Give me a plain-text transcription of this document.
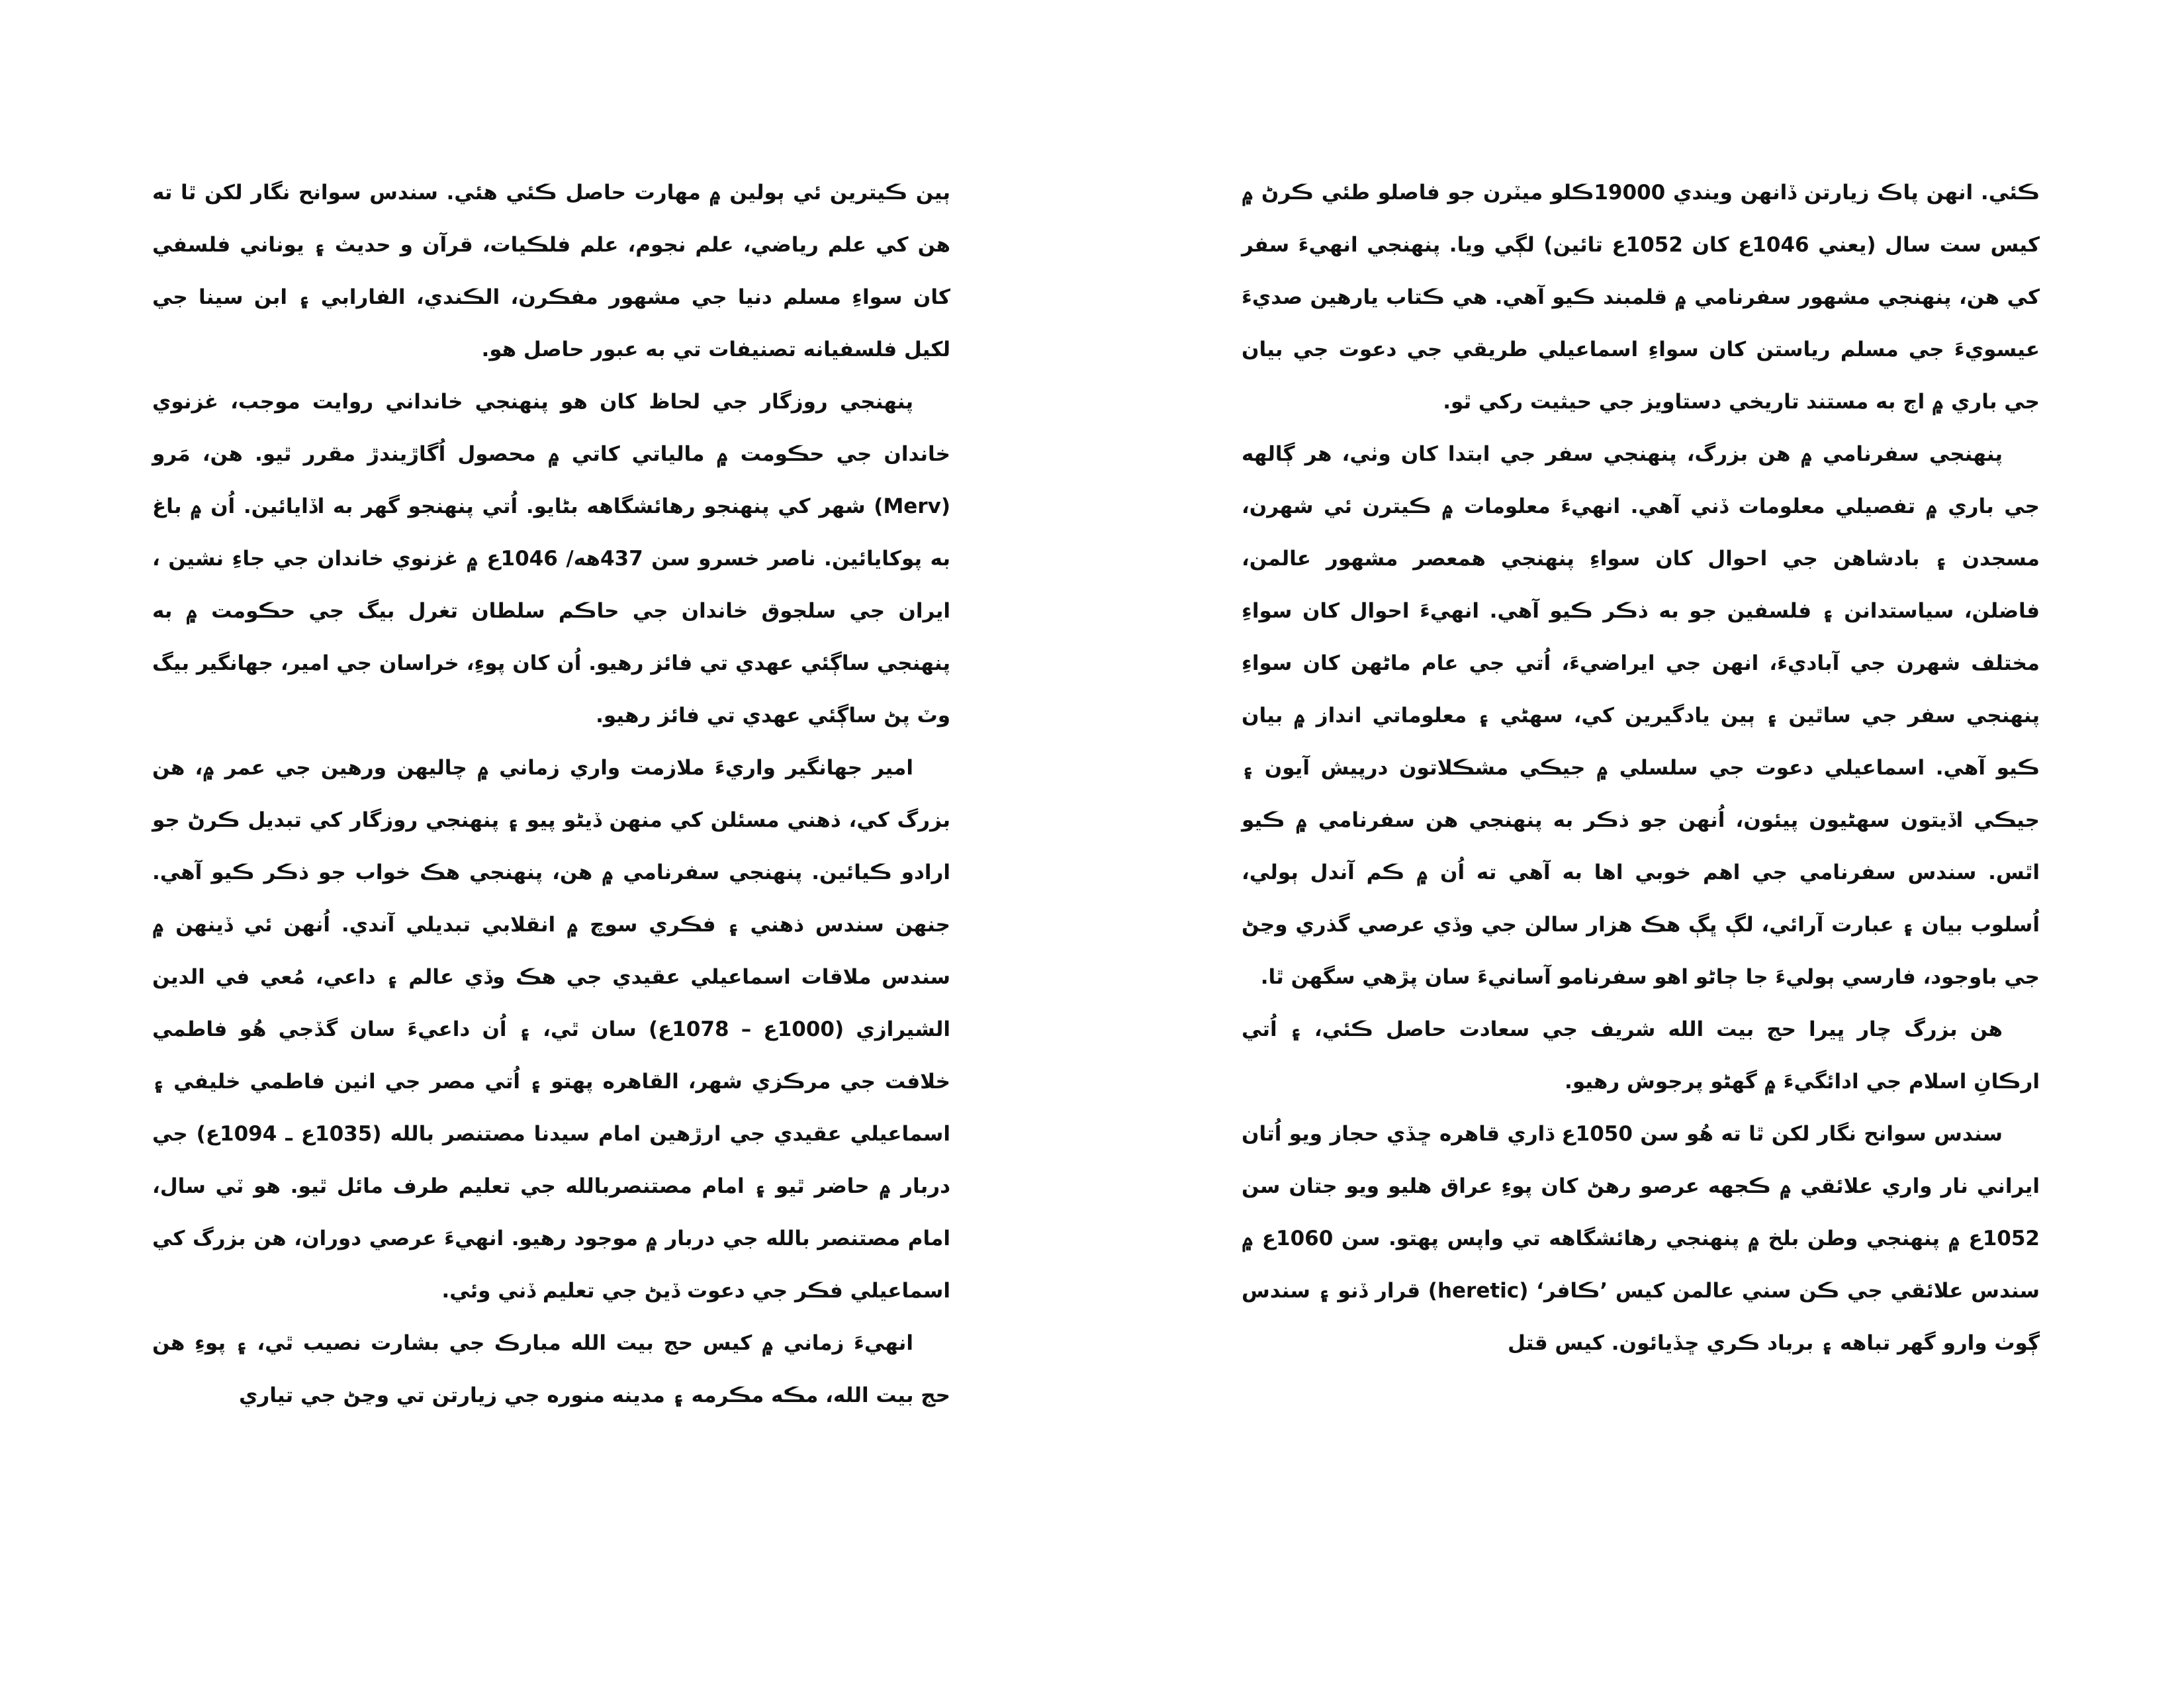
ٻين ڪيترين ئي ٻولين ۾ مهارت حاصل ڪئي هئي. سندس سوانح نگار لکن ٿا ته هن کي علم رياضي، علم نجوم، علم فلڪيات، قرآن و حديث ۽ يوناني فلسفي کان سواءِ مسلم دنيا جي مشهور مفڪرن، الڪندي، الفارابي ۽ ابن سينا جي لکيل فلسفيانه تصنيفات تي به عبور حاصل هو.

پنهنجي روزگار جي لحاظ کان هو پنهنجي خانداني روايت موجب، غزنوي خاندان جي حڪومت ۾ مالياتي کاتي ۾ محصول اُگاڙيندڙ مقرر ٿيو. هن، مَرو (Merv) شهر کي پنهنجو رهائشگاهه بڻايو. اُتي پنهنجو گهر به اڏايائين. اُن ۾ باغ به پوکايائين. ناصر خسرو سن 437هه/ 1046ع ۾ غزنوي خاندان جي جاءِ نشين ، ايران جي سلجوق خاندان جي حاڪم سلطان تغرل بيگ جي حڪومت ۾ به پنهنجي ساڳئي عهدي تي فائز رهيو. اُن کان پوءِ، خراسان جي امير، جهانگير بيگ وٽ پڻ ساڳئي عهدي تي فائز رهيو.

امير جهانگير واريءَ ملازمت واري زماني ۾ چاليهن ورهين جي عمر ۾، هن بزرگ کي، ذهني مسئلن کي منهن ڏيڻو پيو ۽ پنهنجي روزگار کي تبديل ڪرڻ جو ارادو ڪيائين. پنهنجي سفرنامي ۾ هن، پنهنجي هڪ خواب جو ذڪر ڪيو آهي. جنهن سندس ذهني ۽ فڪري سوچ ۾ انقلابي تبديلي آندي. اُنهن ئي ڏينهن ۾ سندس ملاقات اسماعيلي عقيدي جي هڪ وڏي عالم ۽ داعي، مُعي في الدين الشيرازي (1000ع – 1078ع) سان ٿي، ۽ اُن داعيءَ سان گڏجي هُو فاطمي خلافت جي مرڪزي شهر، القاهره پهتو ۽ اُتي مصر جي اٺين فاطمي خليفي ۽ اسماعيلي عقيدي جي ارڙهين امام سيدنا مصتنصر بالله (1035ع ـ 1094ع) جي دربار ۾ حاضر ٿيو ۽ امام مصتنصربالله جي تعليم طرف مائل ٿيو. هو ٽي سال، امام مصتنصر بالله جي دربار ۾ موجود رهيو. انهيءَ عرصي دوران، هن بزرگ کي اسماعيلي فڪر جي دعوت ڏيڻ جي تعليم ڏني وئي.

انهيءَ زماني ۾ کيس حج بيت الله مبارڪ جي بشارت نصيب ٿي، ۽ پوءِ هن حج بيت الله، مڪه مڪرمه ۽ مدينه منوره جي زيارتن تي وڃڻ جي تياري

ڪئي. انهن پاڪ زيارتن ڏانهن ويندي 19000ڪلو ميٽرن جو فاصلو طئي ڪرڻ ۾ کيس ست سال (يعني 1046ع کان 1052ع تائين) لڳي ويا. پنهنجي انهيءَ سفر کي هن، پنهنجي مشهور سفرنامي ۾ قلمبند ڪيو آهي. هي ڪتاب يارهين صديءَ عيسويءَ جي مسلم رياستن کان سواءِ اسماعيلي طريقي جي دعوت جي بيان جي باري ۾ اڄ به مستند تاريخي دستاويز جي حيثيت رکي ٿو.

پنهنجي سفرنامي ۾ هن بزرگ، پنهنجي سفر جي ابتدا کان وٺي، هر ڳالهه جي باري ۾ تفصيلي معلومات ڏني آهي. انهيءَ معلومات ۾ ڪيترن ئي شهرن، مسجدن ۽ بادشاهن جي احوال کان سواءِ پنهنجي همعصر مشهور عالمن، فاضلن، سياستدانن ۽ فلسفين جو به ذڪر ڪيو آهي. انهيءَ احوال کان سواءِ مختلف شهرن جي آباديءَ، انهن جي ايراضيءَ، اُتي جي عام ماڻهن کان سواءِ پنهنجي سفر جي ساٿين ۽ ٻين يادگيرين کي، سهڻي ۽ معلوماتي انداز ۾ بيان ڪيو آهي. اسماعيلي دعوت جي سلسلي ۾ جيڪي مشڪلاتون درپيش آيون ۽ جيڪي اڏيتون سهڻيون پيئون، اُنهن جو ذڪر به پنهنجي هن سفرنامي ۾ ڪيو اٿس. سندس سفرنامي جي اهم خوبي اها به آهي ته اُن ۾ ڪم آندل ٻولي، اُسلوب بيان ۽ عبارت آرائي، لڳ ڀڳ هڪ هزار سالن جي وڏي عرصي گذري وڃڻ جي باوجود، فارسي ٻوليءَ جا ڄاڻو اهو سفرنامو آسانيءَ سان پڙهي سگهن ٿا.

هن بزرگ چار ڀيرا حج بيت الله شريف جي سعادت حاصل ڪئي، ۽ اُتي ارڪانِ اسلام جي ادائگيءَ ۾ گهڻو پرجوش رهيو.

سندس سوانح نگار لکن ٿا ته هُو سن 1050ع ڌاري قاهره ڇڏي حجاز ويو اُتان ايراني نار واري علائقي ۾ ڪجهه عرصو رهڻ کان پوءِ عراق هليو ويو جتان سن 1052ع ۾ پنهنجي وطن بلخ ۾ پنهنجي رهائشگاهه تي واپس پهتو. سن 1060ع ۾ سندس علائقي جي ڪن سني عالمن کيس ’ڪافر‘ (heretic) قرار ڏنو ۽ سندس ڳوٺ وارو گهر تباهه ۽ برباد ڪري ڇڏيائون. کيس قتل
